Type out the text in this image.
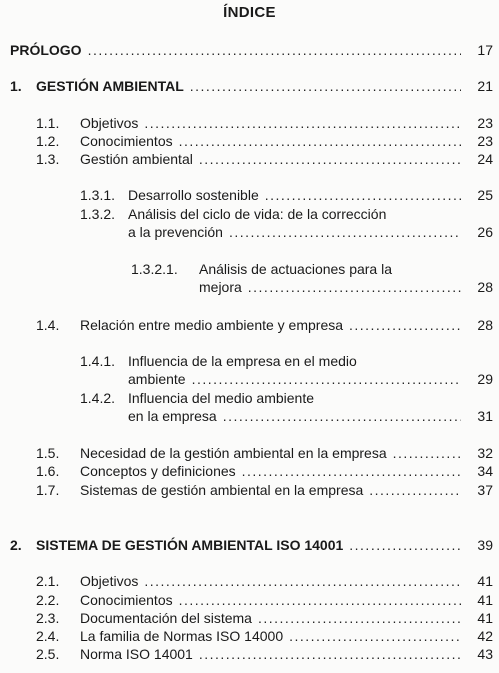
ÍNDICE
PRÓLOGO . . .	17
1.	GESTIÓN AMBIENTAL . . .	21
1.1.	Objetivos . . .	23
1.2.	Conocimientos . . .	23
1.3.	Gestión ambiental . . .	24
1.3.1. Desarrollo sostenible . . .	25
1.3.2. Análisis del ciclo de vida: de la corrección
a la prevención . . .	26
1.3.2.1. Análisis de actuaciones para la
mejora . . .	28
1.4.	Relación entre medio ambiente y empresa . . .	28
1.4.1. Influencia de la empresa en el medio
ambiente . . .	29
1.4.2. Influencia del medio ambiente
en la empresa . . .	31
1.5.	Necesidad de la gestión ambiental en la empresa . . .	32
1.6.	Conceptos y definiciones . . .	34
1.7.	Sistemas de gestión ambiental en la empresa . . .	37
2.	SISTEMA DE GESTIÓN AMBIENTAL ISO 14001 . . .	39
2.1.	Objetivos . . .	41
2.2.	Conocimientos . . .	41
2.3.	Documentación del sistema . . .	41
2.4.	La familia de Normas ISO 14000 . . .	42
2.5.	Norma ISO 14001 . . .	43
